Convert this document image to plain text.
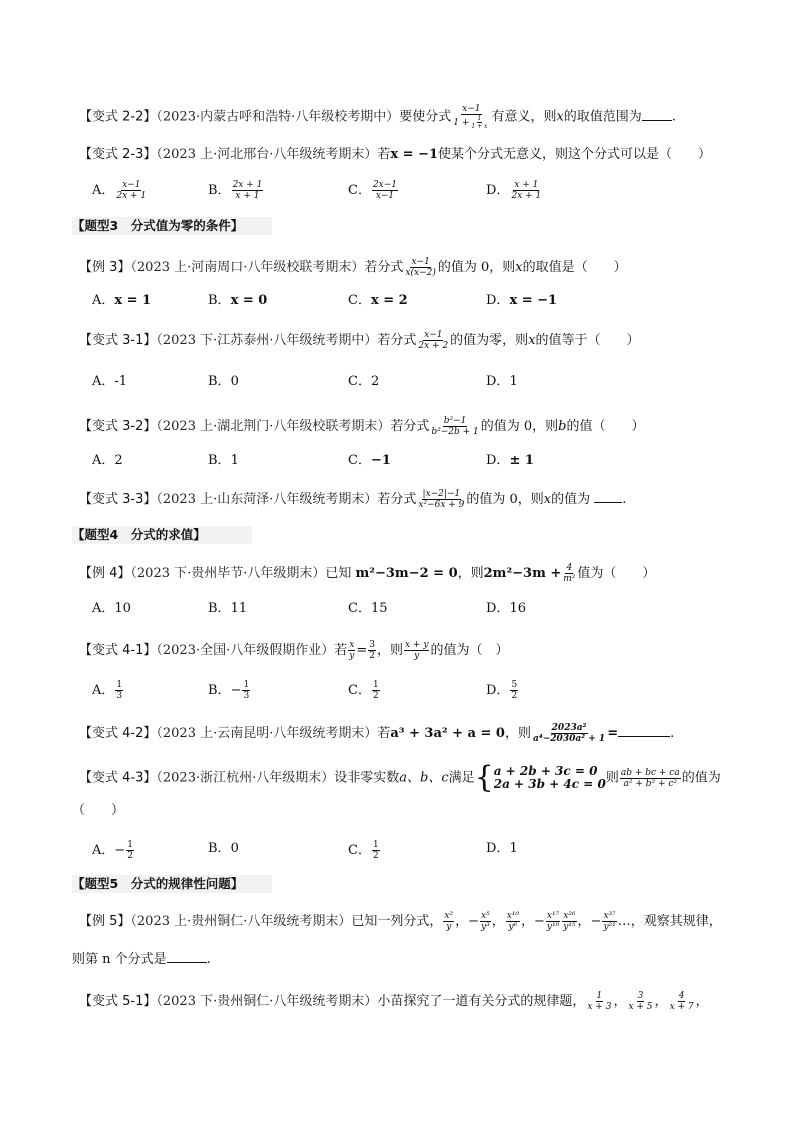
【变式 2-2】（2023·内蒙古呼和浩特·八年级校考期中）要使分式 $\frac{x-1}{1 + \frac{1}{1 + x}}$ 有意义，则x的取值范围为 .
【变式 2-3】（2023 上·河北邢台·八年级统考期末）若x = −1使某个分式无意义，则这个分式可以是（　　）
A． $\frac{x-1}{2x + 1}$	B． $\frac{2x + 1}{x + 1}$	C． $\frac{2x-1}{x-1}$	D． $\frac{x + 1}{2x + 1}$
【题型3　分式值为零的条件】
【例 3】（2023 上·河南周口·八年级校联考期末）若分式 $\frac{x-1}{x(x-2)}$ 的值为 0，则x的取值是（　　）
A．x = 1	B．x = 0	C．x = 2	D．x = −1
【变式 3-1】（2023 下·江苏泰州·八年级统考期中）若分式 $\frac{x-1}{2x + 2}$ 的值为零，则x的值等于（　　）
A．-1	B．0	C．2	D．1
【变式 3-2】（2023 上·湖北荆门·八年级校联考期末）若分式 $\frac{\text{b²−1}}{\text{b²−2b + 1}}$ 的值为 0，则b的值（　　）
A．2	B．1	C．−1	D．± 1
【变式 3-3】（2023 上·山东菏泽·八年级统考期末）若分式 $\frac{|x-2|-1}{\text{x²−6x + 9}}$ 的值为 0，则x的值为 .
【题型4　分式的求值】
【例 4】（2023 下·贵州毕节·八年级期末）已知 m²−3m−2 = 0，则$2m^2-3m + \frac{4}{\text{m²}}$ 值为（　　）
A．10	B．11	C．15	D．16
【变式 4-1】（2023·全国·八年级假期作业）若 $\frac{x}{y} = \frac{3}{2}$ ，则 $\frac{x + y}{y}$ 的值为（　）
A． $\frac{1}{3}$	B．− $\frac{1}{3}$	C． $\frac{1}{2}$	D． $\frac{5}{2}$
【变式 4-2】（2023 上·云南昆明·八年级统考期末）若a³ + 3a² + a = 0，则 $\frac{\text{2023a²}}{\text{a⁴−2030a² + 1}}$ =	.
【变式 4-3】（2023·浙江杭州·八年级期末）设非零实数a、b、c满足 { a + 2b + 3c = 0
2a + 3b + 4c = 0 则 $\frac{ab + bc + ca}{\text{a² + b² + c²}}$ 的值为
（　　）
A．− $\frac{1}{2}$	B．0	C． $\frac{1}{2}$	D．1
【题型5　分式的规律性问题】
【例 5】（2023 上·贵州铜仁·八年级统考期末）已知一列分式， $\frac{\text{x²}}{y}$ ，− $\frac{\text{x⁵}}{\text{y³}}$ ， $\frac{\text{x¹⁰}}{\text{y⁶}}$ ，− $\frac{\text{x¹⁷}}{\text{y¹⁰}} \frac{\text{x²⁶}}{\text{y¹⁵}}$ ，− $\frac{\text{x³⁷}}{\text{y²¹}}$ …，观察其规律，
则第 n 个分式是	.
【变式 5-1】（2023 下·贵州铜仁·八年级统考期末）小苗探究了一道有关分式的规律题， $\frac{1}{x + 3}$ ， $\frac{3}{x + 5}$ ， $\frac{4}{x + 7}$ ，
